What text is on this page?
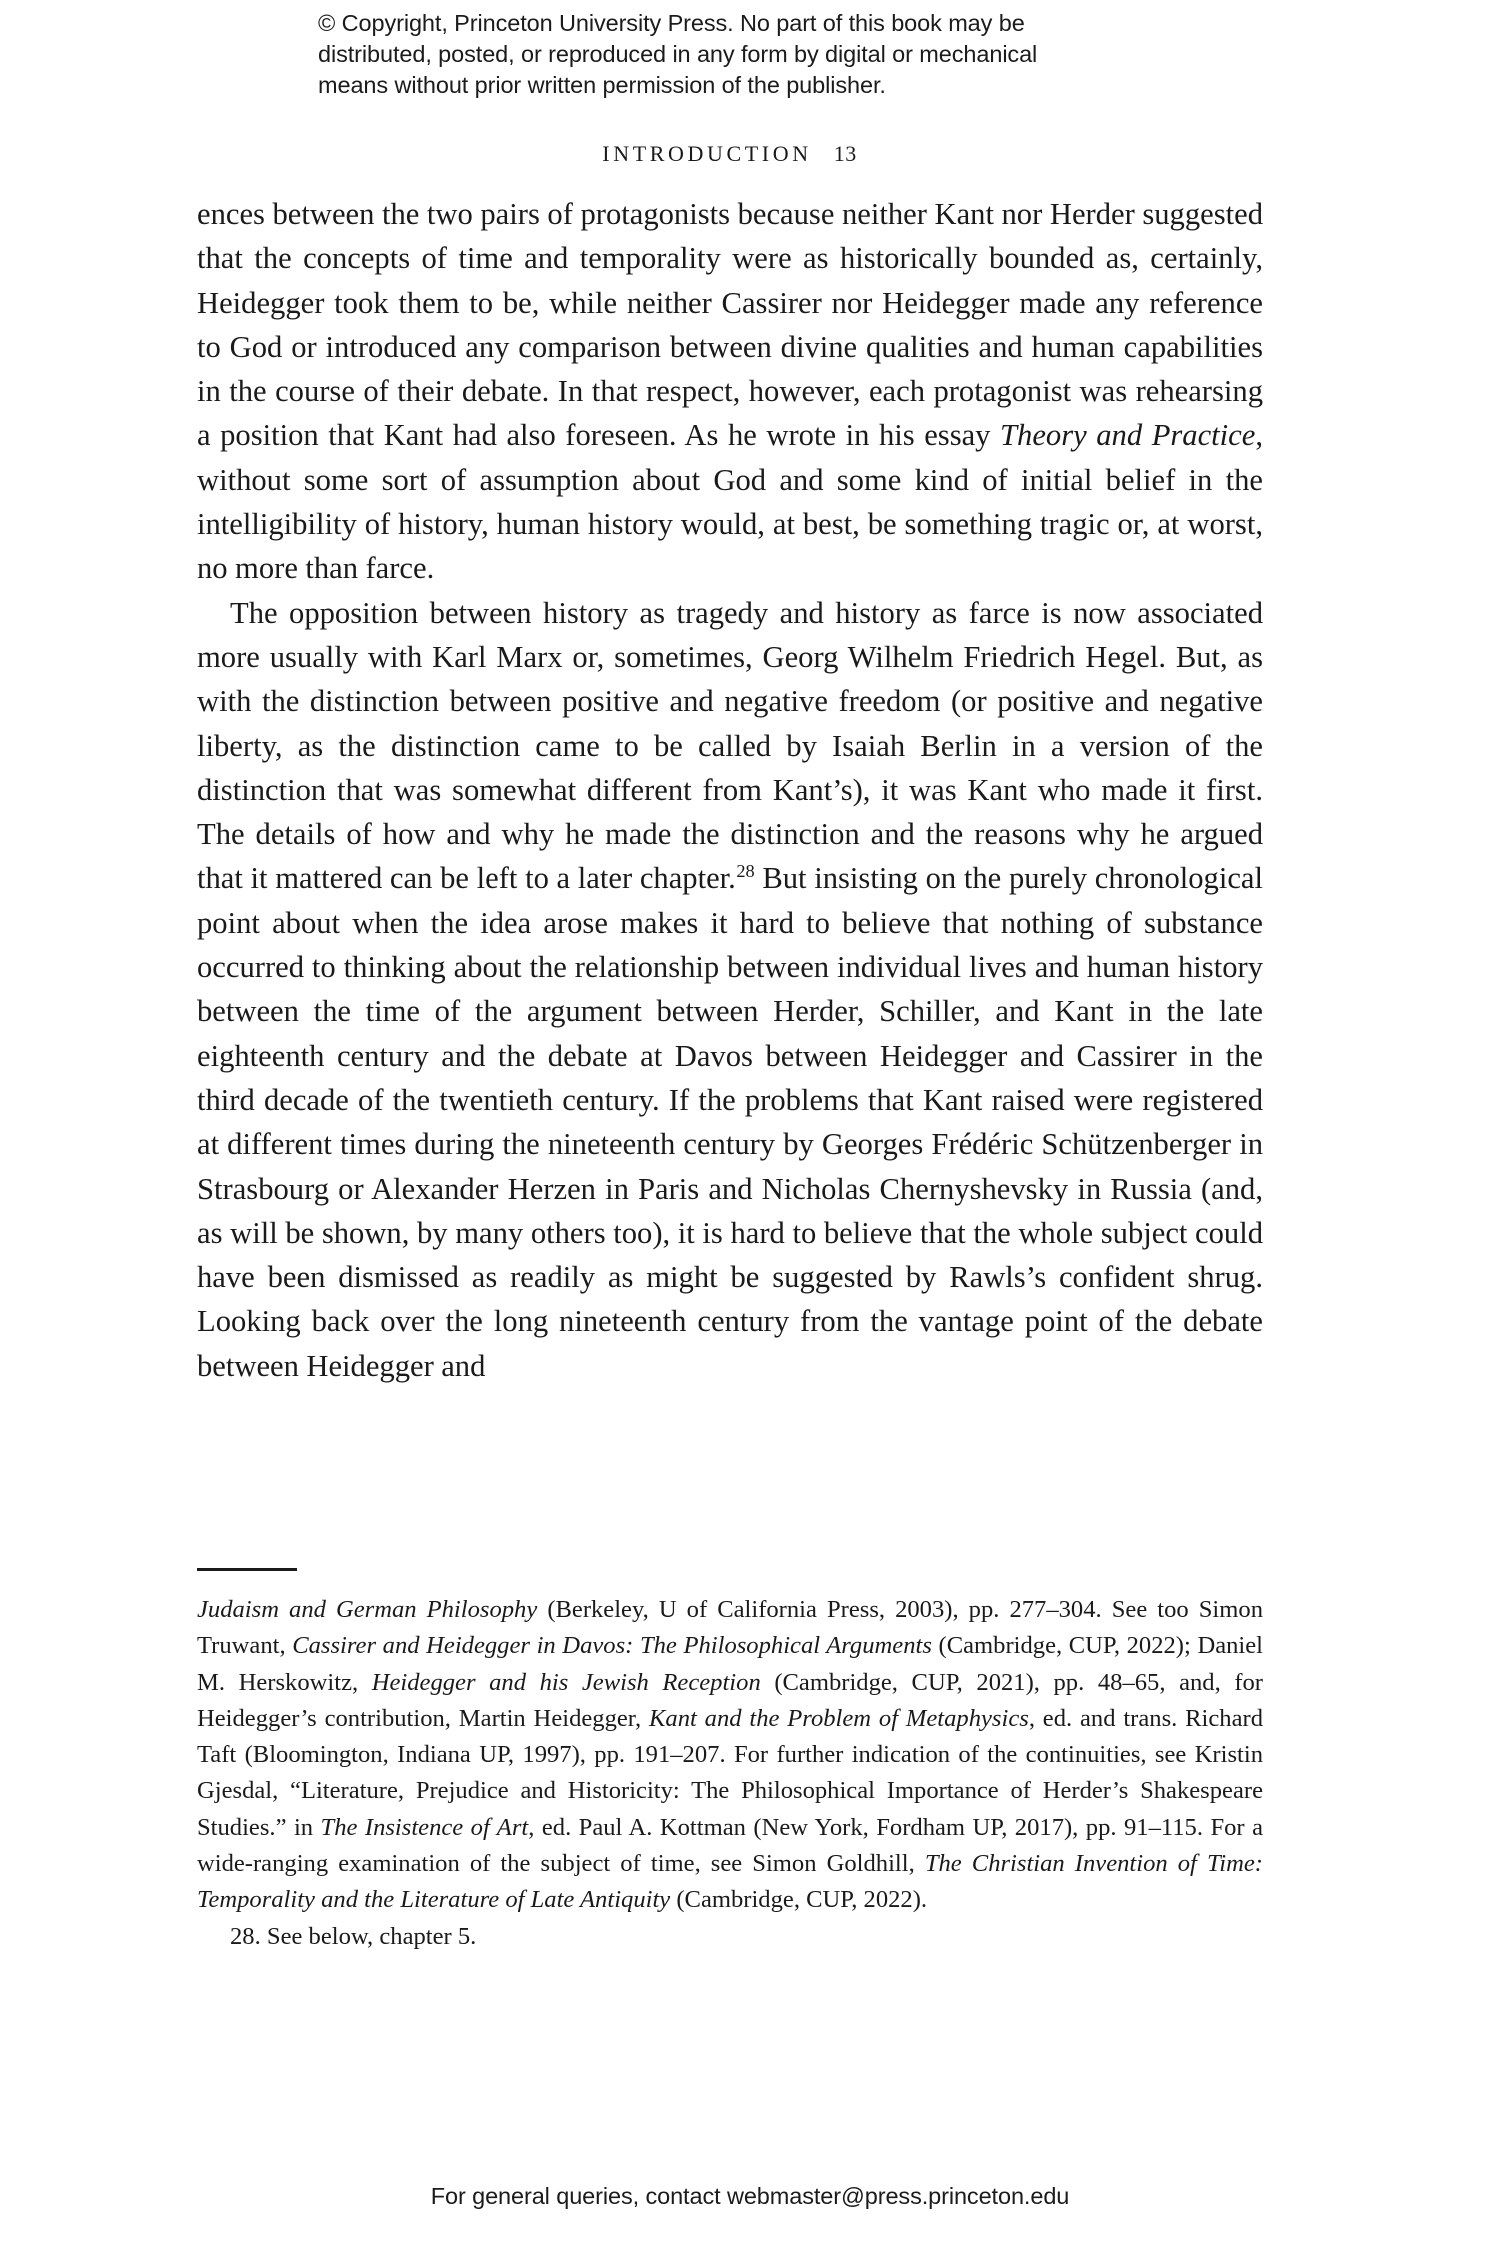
© Copyright, Princeton University Press. No part of this book may be
distributed, posted, or reproduced in any form by digital or mechanical
means without prior written permission of the publisher.
INTRODUCTION 13

ences between the two pairs of protagonists because neither Kant nor Herder suggested that the concepts of time and temporality were as historically bounded as, certainly, Heidegger took them to be, while neither Cassirer nor Heidegger made any reference to God or introduced any comparison between divine qualities and human capabilities in the course of their debate. In that respect, however, each protagonist was rehearsing a position that Kant had also foreseen. As he wrote in his essay Theory and Practice, without some sort of assumption about God and some kind of initial belief in the intelligibility of history, human history would, at best, be something tragic or, at worst, no more than farce.

The opposition between history as tragedy and history as farce is now associated more usually with Karl Marx or, sometimes, Georg Wilhelm Friedrich Hegel. But, as with the distinction between positive and negative freedom (or positive and negative liberty, as the distinction came to be called by Isaiah Berlin in a version of the distinction that was somewhat different from Kant’s), it was Kant who made it first. The details of how and why he made the distinction and the reasons why he argued that it mattered can be left to a later chapter.$^{28}$ But insisting on the purely chronological point about when the idea arose makes it hard to believe that nothing of substance occurred to thinking about the relationship between individual lives and human history between the time of the argument between Herder, Schiller, and Kant in the late eighteenth century and the debate at Davos between Heidegger and Cassirer in the third decade of the twentieth century. If the problems that Kant raised were registered at different times during the nineteenth century by Georges Frédéric Schützenberger in Strasbourg or Alexander Herzen in Paris and Nicholas Chernyshevsky in Russia (and, as will be shown, by many others too), it is hard to believe that the whole subject could have been dismissed as readily as might be suggested by Rawls’s confident shrug. Looking back over the long nineteenth century from the vantage point of the debate between Heidegger and

Judaism and German Philosophy (Berkeley, U of California Press, 2003), pp. 277–304. See too Simon Truwant, Cassirer and Heidegger in Davos: The Philosophical Arguments (Cambridge, CUP, 2022); Daniel M. Herskowitz, Heidegger and his Jewish Reception (Cambridge, CUP, 2021), pp. 48–65, and, for Heidegger’s contribution, Martin Heidegger, Kant and the Problem of Metaphysics, ed. and trans. Richard Taft (Bloomington, Indiana UP, 1997), pp. 191–207. For further indication of the continuities, see Kristin Gjesdal, “Literature, Prejudice and Historicity: The Philosophical Importance of Herder’s Shakespeare Studies.” in The Insistence of Art, ed. Paul A. Kottman (New York, Fordham UP, 2017), pp. 91–115. For a wide-ranging examination of the subject of time, see Simon Goldhill, The Christian Invention of Time: Temporality and the Literature of Late Antiquity (Cambridge, CUP, 2022).

28. See below, chapter 5.

For general queries, contact webmaster@press.princeton.edu
